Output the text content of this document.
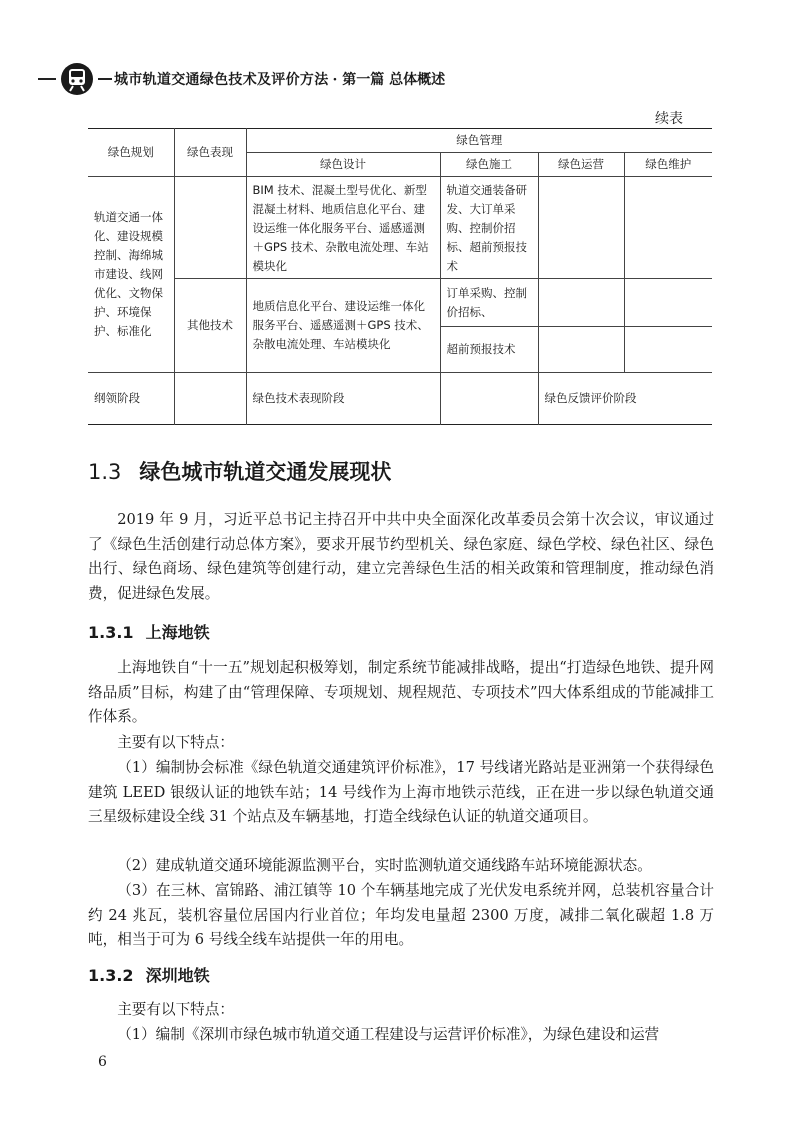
城市轨道交通绿色技术及评价方法 · 第一篇 总体概述
续表
绿色规划	绿色表现	绿色管理			
		绿色设计	绿色施工	绿色运营	绿色维护
轨道交通一体化、建设规模控制、海绵城市建设、线网优化、文物保护、环境保护、标准化		BIM 技术、混凝土型号优化、新型混凝土材料、地质信息化平台、建设运维一体化服务平台、遥感遥测＋GPS 技术、杂散电流处理、车站模块化	轨道交通装备研发、大订单采购、控制价招标、超前预报技术		
	其他技术	地质信息化平台、建设运维一体化服务平台、遥感遥测＋GPS 技术、杂散电流处理、车站模块化	订单采购、控制价招标、		
			超前预报技术		
纲领阶段		绿色技术表现阶段		绿色反馈评价阶段	
1.3 绿色城市轨道交通发展现状

2019 年 9 月，习近平总书记主持召开中共中央全面深化改革委员会第十次会议，审议通过了《绿色生活创建行动总体方案》，要求开展节约型机关、绿色家庭、绿色学校、绿色社区、绿色出行、绿色商场、绿色建筑等创建行动，建立完善绿色生活的相关政策和管理制度，推动绿色消费，促进绿色发展。

1.3.1 上海地铁

上海地铁自“十一五”规划起积极筹划，制定系统节能减排战略，提出“打造绿色地铁、提升网络品质”目标，构建了由“管理保障、专项规划、规程规范、专项技术”四大体系组成的节能减排工作体系。

主要有以下特点：

（1）编制协会标准《绿色轨道交通建筑评价标准》，17 号线诸光路站是亚洲第一个获得绿色建筑 LEED 银级认证的地铁车站；14 号线作为上海市地铁示范线，正在进一步以绿色轨道交通三星级标建设全线 31 个站点及车辆基地，打造全线绿色认证的轨道交通项目。

（2）建成轨道交通环境能源监测平台，实时监测轨道交通线路车站环境能源状态。

（3）在三林、富锦路、浦江镇等 10 个车辆基地完成了光伏发电系统并网，总装机容量合计约 24 兆瓦，装机容量位居国内行业首位；年均发电量超 2300 万度，减排二氧化碳超 1.8 万吨，相当于可为 6 号线全线车站提供一年的用电。

1.3.2 深圳地铁

主要有以下特点：

（1）编制《深圳市绿色城市轨道交通工程建设与运营评价标准》，为绿色建设和运营

6
